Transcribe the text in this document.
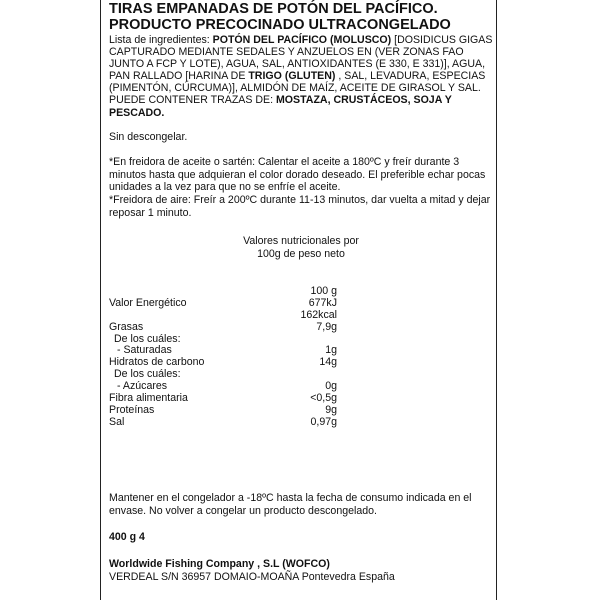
TIRAS EMPANADAS DE POTÓN DEL PACÍFICO. PRODUCTO PRECOCINADO ULTRACONGELADO
Lista de ingredientes: POTÓN DEL PACÍFICO (MOLUSCO) [DOSIDICUS GIGAS CAPTURADO MEDIANTE SEDALES Y ANZUELOS EN (VER ZONAS FAO JUNTO A FCP Y LOTE), AGUA, SAL, ANTIOXIDANTES (E 330, E 331)], AGUA, PAN RALLADO [HARINA DE TRIGO (GLUTEN) , SAL, LEVADURA, ESPECIAS (PIMENTÓN, CÚRCUMA)], ALMIDÓN DE MAÍZ, ACEITE DE GIRASOL Y SAL. PUEDE CONTENER TRAZAS DE: MOSTAZA, CRUSTÁCEOS, SOJA Y PESCADO.
Sin descongelar.
*En freidora de aceite o sartén: Calentar el aceite a 180ºC y freír durante 3 minutos hasta que adquieran el color dorado deseado. El preferible echar pocas unidades a la vez para que no se enfríe el aceite.
*Freidora de aire: Freír a 200ºC durante 11-13 minutos, dar vuelta a mitad y dejar reposar 1 minuto.
Valores nutricionales por 100g de peso neto
100 g
Valor Energético	677kJ
162kcal
Grasas	7,9g
De los cuáles:
- Saturadas	1g
Hidratos de carbono	14g
De los cuáles:
- Azúcares	0g
Fibra alimentaria	<0,5g
Proteínas	9g
Sal	0,97g
Mantener en el congelador a -18ºC hasta la fecha de consumo indicada en el envase. No volver a congelar un producto descongelado.
400 g 4
Worldwide Fishing Company , S.L (WOFCO)
VERDEAL S/N 36957 DOMAIO-MOAÑA Pontevedra España
